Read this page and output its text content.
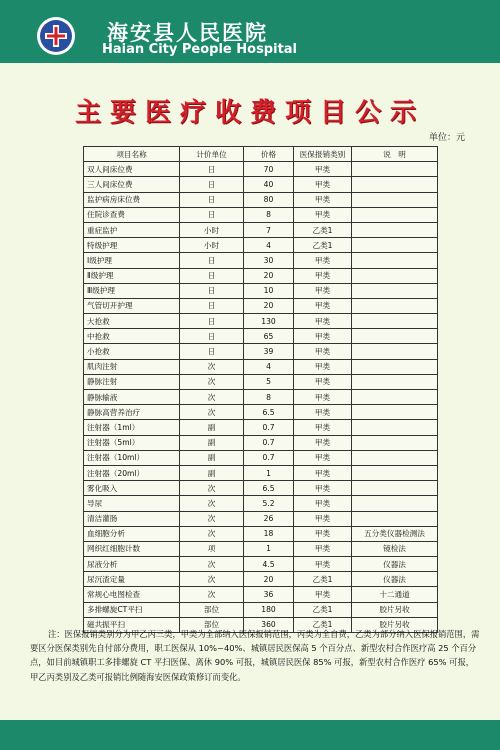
海安县人民医院
Haian City People Hospital
主要医疗收费项目公示
单位：元
项目名称	计价单位	价格	医保报销类别	说　明
双人间床位费	日	70	甲类	
三人间床位费	日	40	甲类	
监护病房床位费	日	80	甲类	
住院诊查费	日	8	甲类	
重症监护	小时	7	乙类1	
特级护理	小时	4	乙类1	
Ⅰ级护理	日	30	甲类	
Ⅱ级护理	日	20	甲类	
Ⅲ级护理	日	10	甲类	
气管切开护理	日	20	甲类	
大抢救	日	130	甲类	
中抢救	日	65	甲类	
小抢救	日	39	甲类	
肌肉注射	次	4	甲类	
静脉注射	次	5	甲类	
静脉输液	次	8	甲类	
静脉高营养治疗	次	6.5	甲类	
注射器（1ml）	副	0.7	甲类	
注射器（5ml）	副	0.7	甲类	
注射器（10ml）	副	0.7	甲类	
注射器（20ml）	副	1	甲类	
雾化吸入	次	6.5	甲类	
导尿	次	5.2	甲类	
清洁灌肠	次	26	甲类	
血细胞分析	次	18	甲类	五分类仪器检测法
网织红细胞计数	项	1	甲类	镜检法
尿液分析	次	4.5	甲类	仪器法
尿沉渣定量	次	20	乙类1	仪器法
常规心电图检查	次	36	甲类	十二通道
多排螺旋CT平扫	部位	180	乙类1	胶片另收
磁共振平扫	部位	360	乙类1	胶片另收
注：医保报销类别分为甲乙丙三类，甲类为全部纳入医保报销范围，丙类为全自费，乙类为部分纳入医保报销范围，需要区分医保类别先自付部分费用，职工医保从 10%~40%、城镇居民医保高 5 个百分点、新型农村合作医疗高 25 个百分点，如目前城镇职工多排螺旋 CT 平扫医保、离休 90% 可报，城镇居民医保 85% 可报，新型农村合作医疗 65% 可报，甲乙丙类别及乙类可报销比例随海安医保政策修订而变化。
